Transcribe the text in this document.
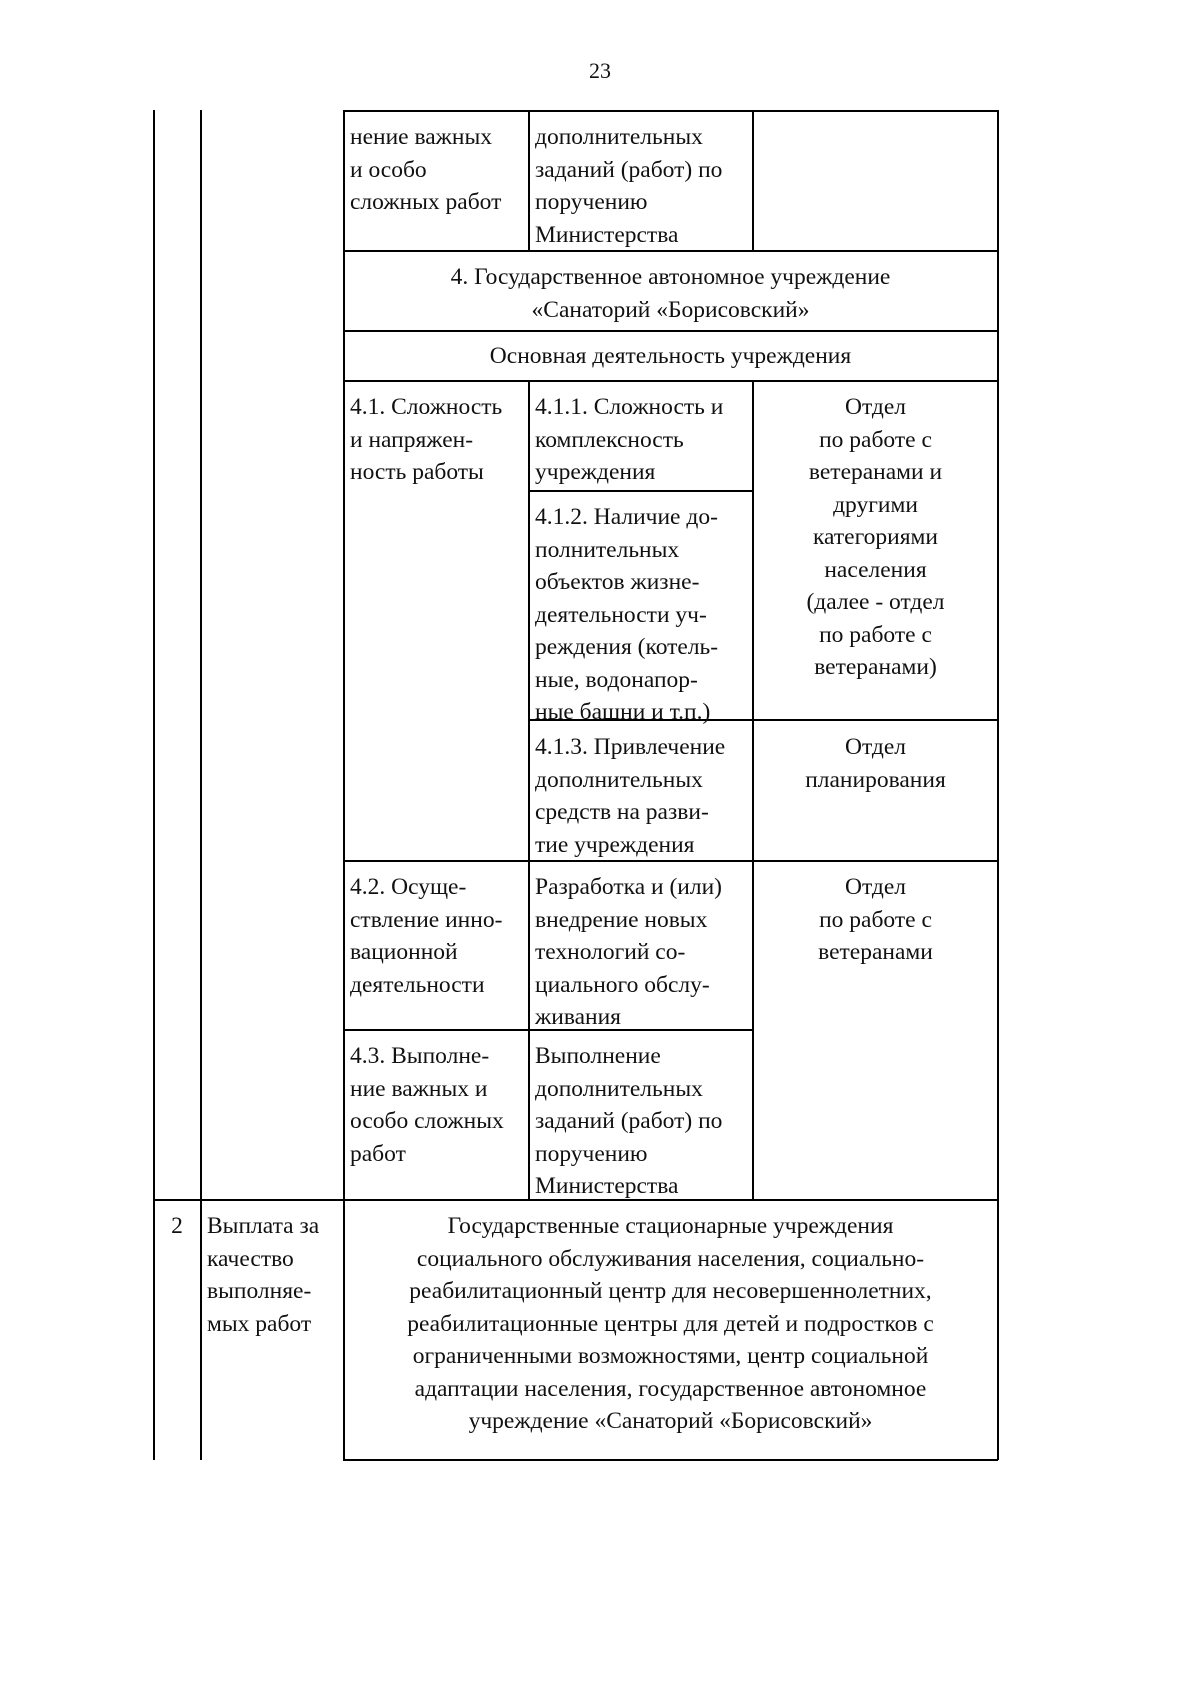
23
нение важных
и особо
сложных работ
дополнительных
заданий (работ) по
поручению
Министерства
4. Государственное автономное учреждение
«Санаторий «Борисовский»
Основная деятельность учреждения
4.1. Сложность
и напряжен-
ность работы
4.1.1. Сложность и
комплексность
учреждения
4.1.2. Наличие до-
полнительных
объектов жизне-
деятельности уч-
реждения (котель-
ные, водонапор-
ные башни и т.п.)
Отдел
по работе с
ветеранами и
другими
категориями
населения
(далее - отдел
по работе с
ветеранами)
4.1.3. Привлечение
дополнительных
средств на разви-
тие учреждения
Отдел
планирования
4.2. Осуще-
ствление инно-
вационной
деятельности
Разработка и (или)
внедрение новых
технологий со-
циального обслу-
живания
Отдел
по работе с
ветеранами
4.3. Выполне-
ние важных и
особо сложных
работ
Выполнение
дополнительных
заданий (работ) по
поручению
Министерства
2	Выплата за
качество
выполняе-
мых работ
Государственные стационарные учреждения
социального обслуживания населения, социально-
реабилитационный центр для несовершеннолетних,
реабилитационные центры для детей и подростков с
ограниченными возможностями, центр социальной
адаптации населения, государственное автономное
учреждение «Санаторий «Борисовский»
